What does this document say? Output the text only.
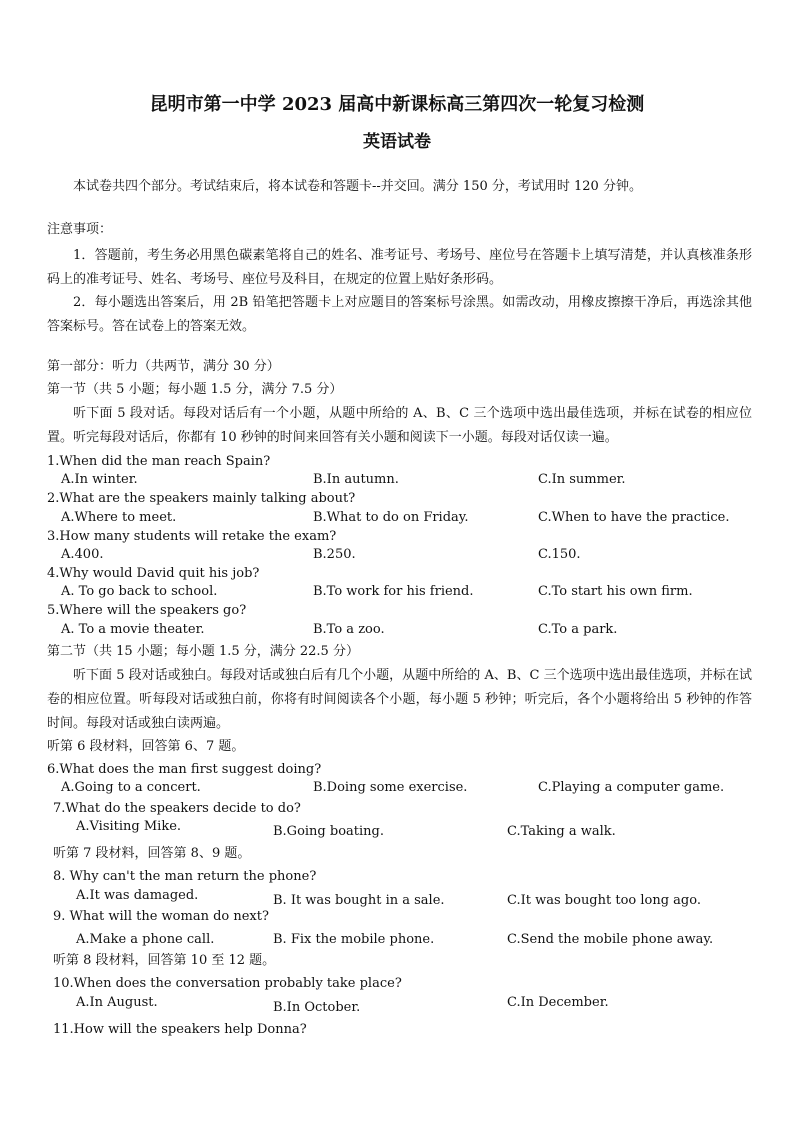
昆明市第一中学 2023 届高中新课标高三第四次一轮复习检测
英语试卷
本试卷共四个部分。考试结束后，将本试卷和答题卡--并交回。满分 150 分，考试用时 120 分钟。
注意事项：
1．答题前，考生务必用黑色碳素笔将自己的姓名、准考证号、考场号、座位号在答题卡上填写清楚，并认真核准条形码上的准考证号、姓名、考场号、座位号及科目，在规定的位置上贴好条形码。
2．每小题选出答案后，用 2B 铅笔把答题卡上对应题目的答案标号涂黑。如需改动，用橡皮擦擦干净后，再选涂其他答案标号。答在试卷上的答案无效。
第一部分：听力（共两节，满分 30 分）
第一节（共 5 小题；每小题 1.5 分，满分 7.5 分）
听下面 5 段对话。每段对话后有一个小题，从题中所给的 A、B、C 三个选项中选出最佳选项，并标在试卷的相应位置。听完每段对话后，你都有 10 秒钟的时间来回答有关小题和阅读下一小题。每段对话仅读一遍。
1.When did the man reach Spain?
A.In winter.	B.In autumn.	C.In summer.
2.What are the speakers mainly talking about?
A.Where to meet.	B.What to do on Friday.	C.When to have the practice.
3.How many students will retake the exam?
A.400.	B.250.	C.150.
4.Why would David quit his job?
A. To go back to school.	B.To work for his friend.	C.To start his own firm.
5.Where will the speakers go?
A. To a movie theater.	B.To a zoo.	C.To a park.
第二节（共 15 小题；每小题 1.5 分，满分 22.5 分）
听下面 5 段对话或独白。每段对话或独白后有几个小题，从题中所给的 A、B、C 三个选项中选出最佳选项，并标在试卷的相应位置。听每段对话或独白前，你将有时间阅读各个小题，每小题 5 秒钟；听完后，各个小题将给出 5 秒钟的作答时间。每段对话或独白读两遍。
听第 6 段材料，回答第 6、7 题。
6.What does the man first suggest doing?
A.Going to a concert.	B.Doing some exercise.	C.Playing a computer game.
7.What do the speakers decide to do?
A.Visiting Mike.	B.Going boating.	C.Taking a walk.
听第 7 段材料，回答第 8、9 题。
8. Why can't the man return the phone?
A.It was damaged.	B. It was bought in a sale.	C.It was bought too long ago.
9. What will the woman do next?
A.Make a phone call.	B. Fix the mobile phone.	C.Send the mobile phone away.
听第 8 段材料，回答第 10 至 12 题。
10.When does the conversation probably take place?
A.In August.	B.In October.	C.In December.
11.How will the speakers help Donna?
